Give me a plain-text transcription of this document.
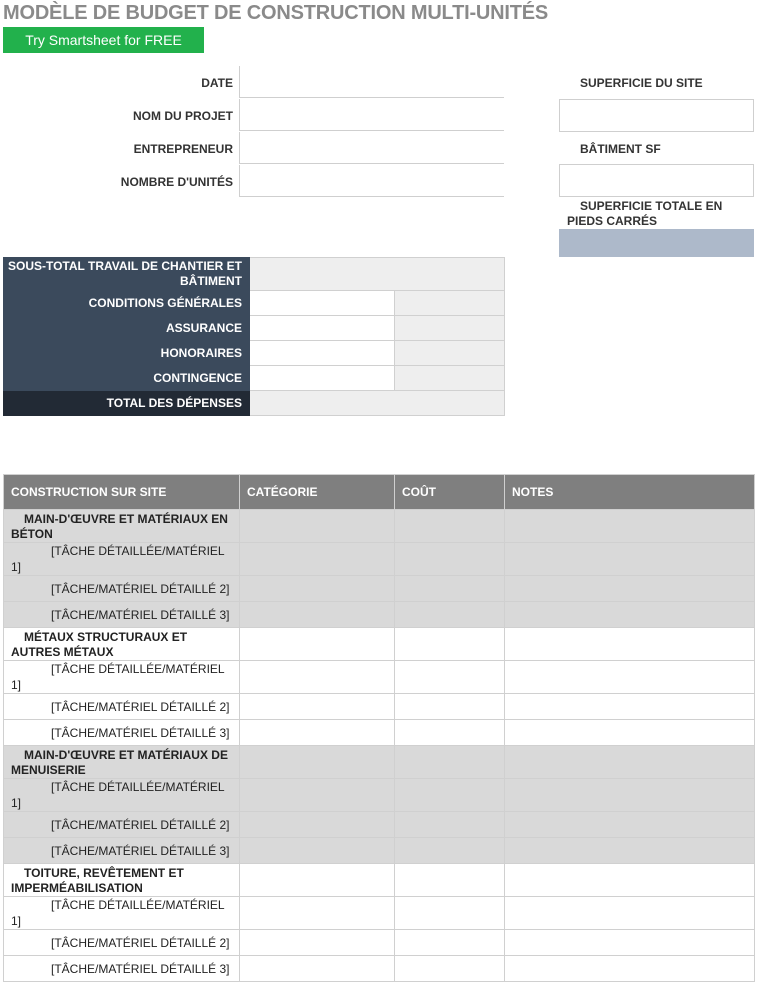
MODÈLE DE BUDGET DE CONSTRUCTION MULTI-UNITÉS
Try Smartsheet for FREE
DATE
NOM DU PROJET
ENTREPRENEUR
NOMBRE D'UNITÉS
SUPERFICIE DU SITE
BÂTIMENT SF
SUPERFICIE TOTALE EN PIEDS CARRÉS
SOUS-TOTAL TRAVAIL DE CHANTIER ET BÂTIMENT		
CONDITIONS GÉNÉRALES		
ASSURANCE		
HONORAIRES		
CONTINGENCE		
TOTAL DES DÉPENSES		
CONSTRUCTION SUR SITE	CATÉGORIE	COÛT	NOTES
MAIN-D'ŒUVRE ET MATÉRIAUX EN BÉTON			
[TÂCHE DÉTAILLÉE/MATÉRIEL 1]			
[TÂCHE/MATÉRIEL DÉTAILLÉ 2]			
[TÂCHE/MATÉRIEL DÉTAILLÉ 3]			
MÉTAUX STRUCTURAUX ET AUTRES MÉTAUX			
[TÂCHE DÉTAILLÉE/MATÉRIEL 1]			
[TÂCHE/MATÉRIEL DÉTAILLÉ 2]			
[TÂCHE/MATÉRIEL DÉTAILLÉ 3]			
MAIN-D'ŒUVRE ET MATÉRIAUX DE MENUISERIE			
[TÂCHE DÉTAILLÉE/MATÉRIEL 1]			
[TÂCHE/MATÉRIEL DÉTAILLÉ 2]			
[TÂCHE/MATÉRIEL DÉTAILLÉ 3]			
TOITURE, REVÊTEMENT ET IMPERMÉABILISATION			
[TÂCHE DÉTAILLÉE/MATÉRIEL 1]			
[TÂCHE/MATÉRIEL DÉTAILLÉ 2]			
[TÂCHE/MATÉRIEL DÉTAILLÉ 3]			
